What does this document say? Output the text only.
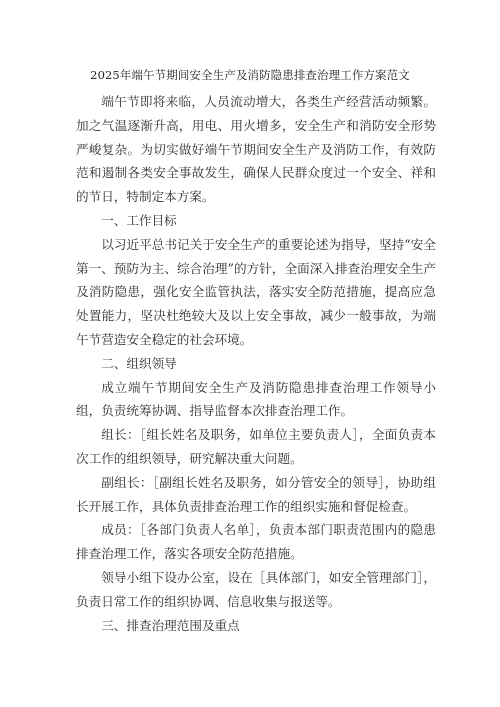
2025年端午节期间安全生产及消防隐患排查治理工作方案范文

端午节即将来临，人员流动增大，各类生产经营活动频繁。加之气温逐渐升高，用电、用火增多，安全生产和消防安全形势严峻复杂。为切实做好端午节期间安全生产及消防工作，有效防范和遏制各类安全事故发生，确保人民群众度过一个安全、祥和的节日，特制定本方案。

一、工作目标

以习近平总书记关于安全生产的重要论述为指导，坚持“安全第一、预防为主、综合治理”的方针，全面深入排查治理安全生产及消防隐患，强化安全监管执法，落实安全防范措施，提高应急处置能力，坚决杜绝较大及以上安全事故，减少一般事故，为端午节营造安全稳定的社会环境。

二、组织领导

成立端午节期间安全生产及消防隐患排查治理工作领导小组，负责统筹协调、指导监督本次排查治理工作。

组长：［组长姓名及职务，如单位主要负责人］，全面负责本次工作的组织领导，研究解决重大问题。

副组长：［副组长姓名及职务，如分管安全的领导］，协助组长开展工作，具体负责排查治理工作的组织实施和督促检查。

成员：［各部门负责人名单］，负责本部门职责范围内的隐患排查治理工作，落实各项安全防范措施。

领导小组下设办公室，设在［具体部门，如安全管理部门］，负责日常工作的组织协调、信息收集与报送等。

三、排查治理范围及重点
